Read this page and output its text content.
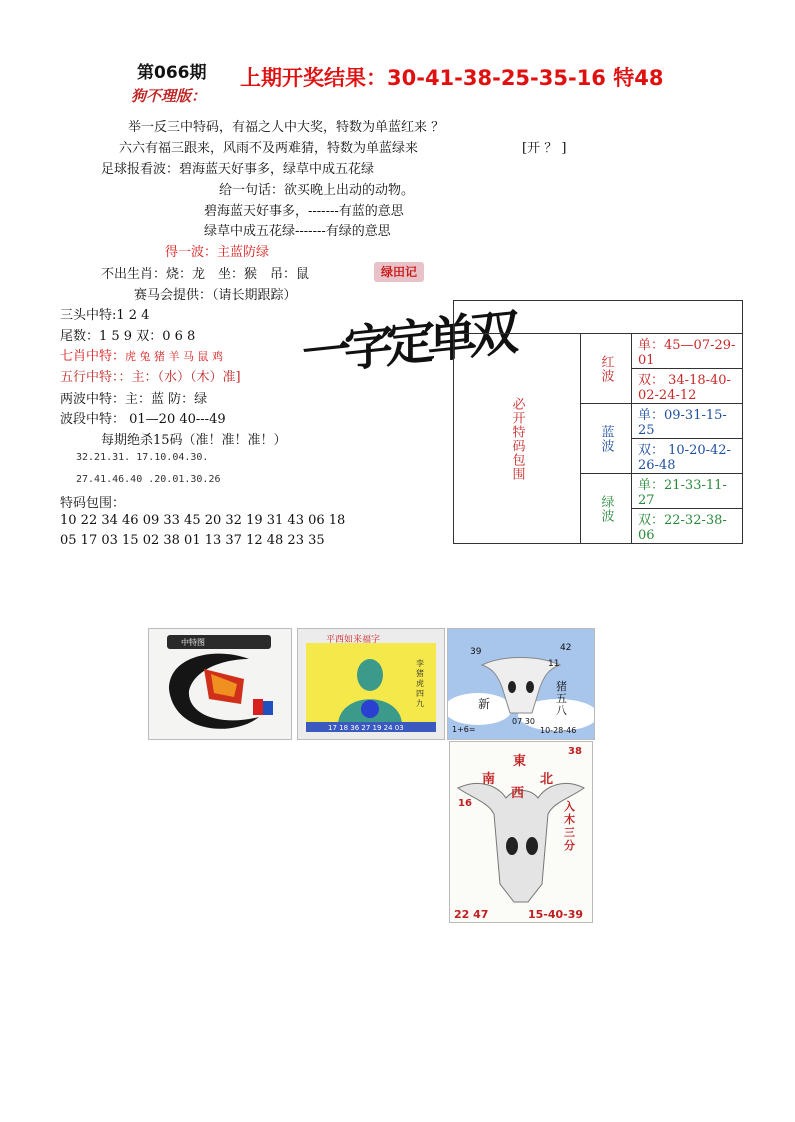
第066期 上期开奖结果：30-41-38-25-35-16 特48
狗不理版：
举一反三中特码，有福之人中大奖，特数为单蓝红来 ？
六六有福三跟来，风雨不及两难猜，特数为单蓝绿来	[开 ？ ]
足球报看波：碧海蓝天好事多，绿草中成五花绿
给一句话：欲买晚上出动的动物。
碧海蓝天好事多，-------有蓝的意思
绿草中成五花绿-------有绿的意思
得一波：主蓝防绿
不出生肖：烧：龙　坐：猴　吊：鼠	绿田记
赛马会提供：（请长期跟踪）
三头中特:1 2 4
尾数：1 5 9 双：0 6 8
七肖中特：虎 兔 猪 羊 马 鼠 鸡
五行中特：：主：（水）（木）准]
两波中特：主：蓝 防：绿
波段中特： 01—20 40---49
每期绝杀15码（准！准！准！）
32.21.31. 17.10.04.30.
27.41.46.40 .20.01.30.26
特码包围：
10 22 34 46 09 33 45 20 32 19 31 43 06 18
05 17 03 15 02 38 01 13 37 12 48 23 35
一字定单双

必开特码包围	红波	单：45—07-29-01
		双： 34-18-40-02-24-12
	蓝波	单：09-31-15-25
		双： 10-20-42-26-48
	绿波	单：21-33-11-27
		双：22-32-38-06
中特图	平西如来福字
17 18 36 27 19 24 03
孪 猪 虎 四 九
39	42
11
新
猪五八
1+6=
07 30
10-28-46
東
南	北
西
38
16	入木三分
22 47	15-40-39
